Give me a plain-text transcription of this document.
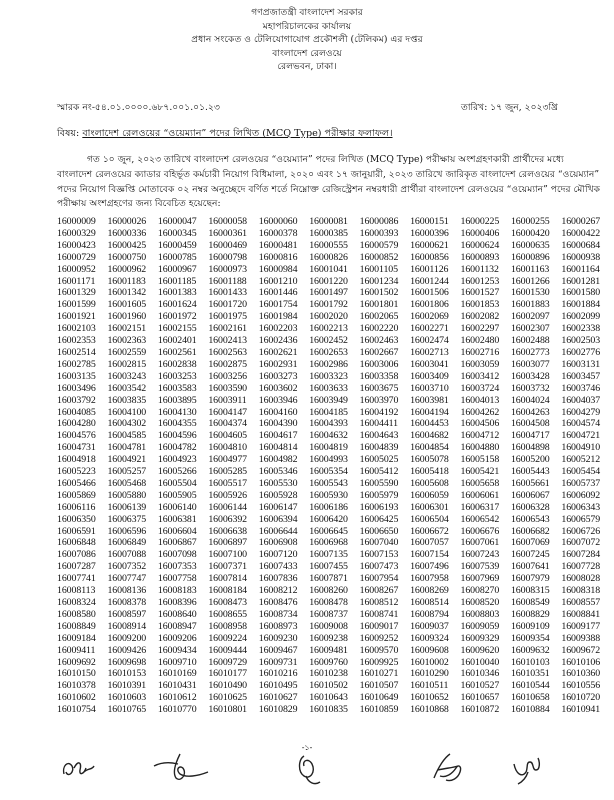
গণপ্রজাতন্ত্রী বাংলাদেশ সরকার
মহাপরিচালকের কার্যালয়
প্রধান সংকেত ও টেলিযোগাযোগ প্রকৌশলী (টেলিকম) এর দপ্তর
বাংলাদেশ রেলওয়ে
রেলভবন, ঢাকা।
স্মারক নং-৫৪.০১.০০০০.৬৮৭.০০১.০১.২৩	তারিখ: ১৭ জুন, ২০২৩খ্রি
বিষয়: বাংলাদেশ রেলওয়ের “ওয়েম্যান” পদের লিখিত (MCQ Type) পরীক্ষার ফলাফল।
গত ১০ জুন, ২০২৩ তারিখে বাংলাদেশ রেলওয়ের “ওয়েম্যান” পদের লিখিত (MCQ Type) পরীক্ষায় অংশগ্রহণকারী প্রার্থীদের মধ্যে
বাংলাদেশ রেলওয়ের ক্যাডার বহির্ভূত কর্মচারী নিয়োগ বিধিমালা, ২০২০ এবং ১৭ জানুয়ারী, ২০২৩ তারিখে জারিকৃত বাংলাদেশ রেলওয়ের “ওয়েম্যান”
পদের নিয়োগ বিজ্ঞপ্তি মোতাবেক ০২ নম্বর অনুচ্ছেদে বর্ণিত শর্তে নিম্নোক্ত রেজিস্ট্রেশন নম্বরধারী প্রার্থীরা বাংলাদেশ রেলওয়ের “ওয়েম্যান” পদের মৌখিক
পরীক্ষায় অংশগ্রহণের জন্য বিবেচিত হয়েছেন:
16000009	16000026	16000047	16000058	16000060	16000081	16000086	16000151	16000225	16000255	16000267
16000329	16000336	16000345	16000361	16000378	16000385	16000393	16000396	16000406	16000420	16000422
16000423	16000425	16000459	16000469	16000481	16000555	16000579	16000621	16000624	16000635	16000684
16000729	16000750	16000785	16000798	16000816	16000826	16000852	16000856	16000893	16000896	16000938
16000952	16000962	16000967	16000973	16000984	16001041	16001105	16001126	16001132	16001163	16001164
16001171	16001183	16001185	16001188	16001210	16001220	16001234	16001244	16001253	16001266	16001281
16001329	16001342	16001383	16001433	16001446	16001497	16001502	16001506	16001527	16001530	16001580
16001599	16001605	16001624	16001720	16001754	16001792	16001801	16001806	16001853	16001883	16001884
16001921	16001960	16001972	16001975	16001984	16002020	16002065	16002069	16002082	16002097	16002099
16002103	16002151	16002155	16002161	16002203	16002213	16002220	16002271	16002297	16002307	16002338
16002353	16002363	16002401	16002413	16002436	16002452	16002463	16002474	16002480	16002488	16002503
16002514	16002559	16002561	16002563	16002621	16002653	16002667	16002713	16002716	16002773	16002776
16002785	16002815	16002838	16002875	16002931	16002986	16003006	16003041	16003059	16003077	16003131
16003135	16003243	16003253	16003256	16003273	16003323	16003358	16003409	16003412	16003428	16003457
16003496	16003542	16003583	16003590	16003602	16003633	16003675	16003710	16003724	16003732	16003746
16003792	16003835	16003895	16003911	16003946	16003949	16003970	16003981	16004013	16004024	16004037
16004085	16004100	16004130	16004147	16004160	16004185	16004192	16004194	16004262	16004263	16004279
16004280	16004302	16004355	16004374	16004390	16004393	16004411	16004453	16004506	16004508	16004574
16004576	16004585	16004596	16004605	16004617	16004632	16004643	16004682	16004712	16004717	16004721
16004731	16004781	16004782	16004810	16004814	16004819	16004839	16004854	16004880	16004898	16004910
16004918	16004921	16004923	16004977	16004982	16004993	16005025	16005078	16005158	16005200	16005212
16005223	16005257	16005266	16005285	16005346	16005354	16005412	16005418	16005421	16005443	16005454
16005466	16005468	16005504	16005517	16005530	16005543	16005590	16005608	16005658	16005661	16005737
16005869	16005880	16005905	16005926	16005928	16005930	16005979	16006059	16006061	16006067	16006092
16006116	16006139	16006140	16006144	16006147	16006186	16006193	16006301	16006317	16006328	16006343
16006350	16006375	16006381	16006392	16006394	16006420	16006425	16006504	16006542	16006543	16006579
16006591	16006596	16006604	16006638	16006644	16006645	16006650	16006672	16006676	16006682	16006726
16006848	16006849	16006867	16006897	16006908	16006968	16007040	16007057	16007061	16007069	16007072
16007086	16007088	16007098	16007100	16007120	16007135	16007153	16007154	16007243	16007245	16007284
16007287	16007352	16007353	16007371	16007433	16007455	16007473	16007496	16007539	16007641	16007728
16007741	16007747	16007758	16007814	16007836	16007871	16007954	16007958	16007969	16007979	16008028
16008113	16008136	16008183	16008184	16008212	16008260	16008267	16008269	16008270	16008315	16008318
16008324	16008378	16008396	16008473	16008476	16008478	16008512	16008514	16008520	16008549	16008557
16008580	16008597	16008640	16008655	16008734	16008737	16008741	16008794	16008803	16008829	16008841
16008849	16008914	16008947	16008958	16008973	16009008	16009017	16009037	16009059	16009109	16009177
16009184	16009200	16009206	16009224	16009230	16009238	16009252	16009324	16009329	16009354	16009388
16009411	16009426	16009434	16009444	16009467	16009481	16009570	16009608	16009620	16009632	16009672
16009692	16009698	16009710	16009729	16009731	16009760	16009925	16010002	16010040	16010103	16010106
16010150	16010153	16010169	16010177	16010216	16010238	16010271	16010290	16010346	16010351	16010360
16010378	16010391	16010431	16010490	16010495	16010502	16010507	16010511	16010527	16010544	16010556
16010602	16010603	16010612	16010625	16010627	16010643	16010649	16010652	16010657	16010658	16010720
16010754	16010765	16010770	16010801	16010829	16010835	16010859	16010868	16010872	16010884	16010941
-১-
